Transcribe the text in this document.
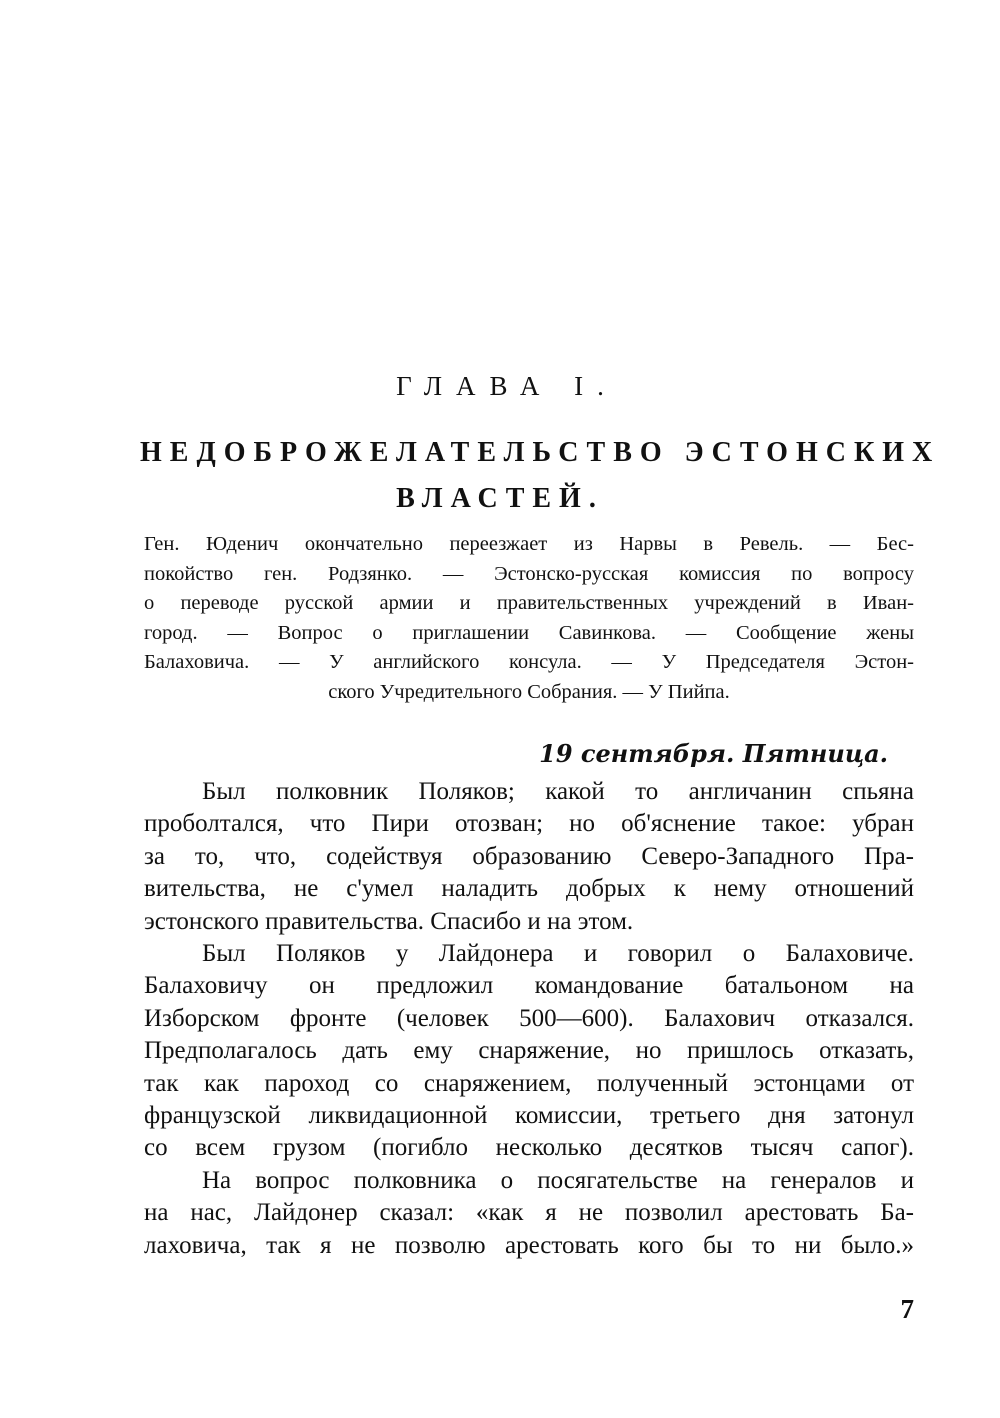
ГЛАВА I.
НЕДОБРОЖЕЛАТЕЛЬСТВО ЭСТОНСКИХ
ВЛАСТЕЙ.
Ген. Юденич окончательно переезжает из Нарвы в Ревель. — Бес-
покойство ген. Родзянко. — Эстонско-русская комиссия по вопросу
о переводе русской армии и правительственных учреждений в Иван-
город. — Вопрос о приглашении Савинкова. — Сообщение жены
Балаховича. — У английского консула. — У Председателя Эстон-
ского Учредительного Собрания. — У Пийпа.
19 сентября. Пятница.
Был полковник Поляков; какой то англичанин спьяна
проболтался, что Пири отозван; но об'яснение такое: убран
за то, что, содействуя образованию Северо-Западного Пра-
вительства, не с'умел наладить добрых к нему отношений
эстонского правительства. Спасибо и на этом.
Был Поляков у Лайдонера и говорил о Балаховиче.
Балаховичу он предложил командование батальоном на
Изборском фронте (человек 500—600). Балахович отказался.
Предполагалось дать ему снаряжение, но пришлось отказать,
так как пароход со снаряжением, полученный эстонцами от
французской ликвидационной комиссии, третьего дня затонул
со всем грузом (погибло несколько десятков тысяч сапог).
На вопрос полковника о посягательстве на генералов и
на нас, Лайдонер сказал: «как я не позволил арестовать Ба-
лаховича, так я не позволю арестовать кого бы то ни было.»
7
